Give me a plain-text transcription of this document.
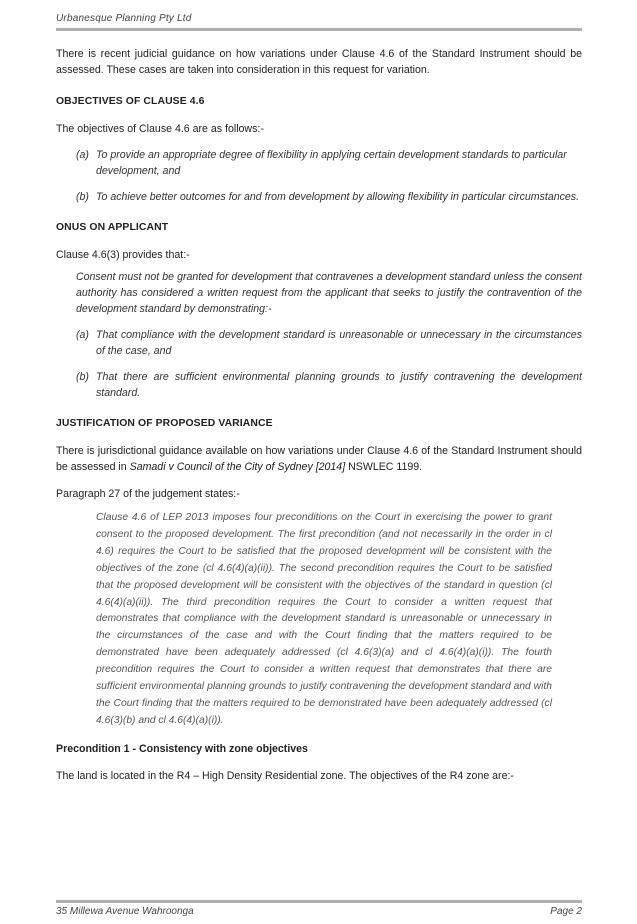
Urbanesque Planning Pty Ltd

There is recent judicial guidance on how variations under Clause 4.6 of the Standard Instrument should be assessed. These cases are taken into consideration in this request for variation.

OBJECTIVES OF CLAUSE 4.6

The objectives of Clause 4.6 are as follows:-

(a) To provide an appropriate degree of flexibility in applying certain development standards to particular development, and
(b) To achieve better outcomes for and from development by allowing flexibility in particular circumstances.

ONUS ON APPLICANT

Clause 4.6(3) provides that:-

Consent must not be granted for development that contravenes a development standard unless the consent authority has considered a written request from the applicant that seeks to justify the contravention of the development standard by demonstrating:-

(a) That compliance with the development standard is unreasonable or unnecessary in the circumstances of the case, and
(b) That there are sufficient environmental planning grounds to justify contravening the development standard.

JUSTIFICATION OF PROPOSED VARIANCE

There is jurisdictional guidance available on how variations under Clause 4.6 of the Standard Instrument should be assessed in Samadi v Council of the City of Sydney [2014] NSWLEC 1199.

Paragraph 27 of the judgement states:-

Clause 4.6 of LEP 2013 imposes four preconditions on the Court in exercising the power to grant consent to the proposed development. The first precondition (and not necessarily in the order in cl 4.6) requires the Court to be satisfied that the proposed development will be consistent with the objectives of the zone (cl 4.6(4)(a)(ii)). The second precondition requires the Court to be satisfied that the proposed development will be consistent with the objectives of the standard in question (cl 4.6(4)(a)(ii)). The third precondition requires the Court to consider a written request that demonstrates that compliance with the development standard is unreasonable or unnecessary in the circumstances of the case and with the Court finding that the matters required to be demonstrated have been adequately addressed (cl 4.6(3)(a) and cl 4.6(4)(a)(i)). The fourth precondition requires the Court to consider a written request that demonstrates that there are sufficient environmental planning grounds to justify contravening the development standard and with the Court finding that the matters required to be demonstrated have been adequately addressed (cl 4.6(3)(b) and cl 4.6(4)(a)(i)).

Precondition 1 - Consistency with zone objectives

The land is located in the R4 – High Density Residential zone. The objectives of the R4 zone are:-

35 Millewa Avenue Wahroonga	Page 2
